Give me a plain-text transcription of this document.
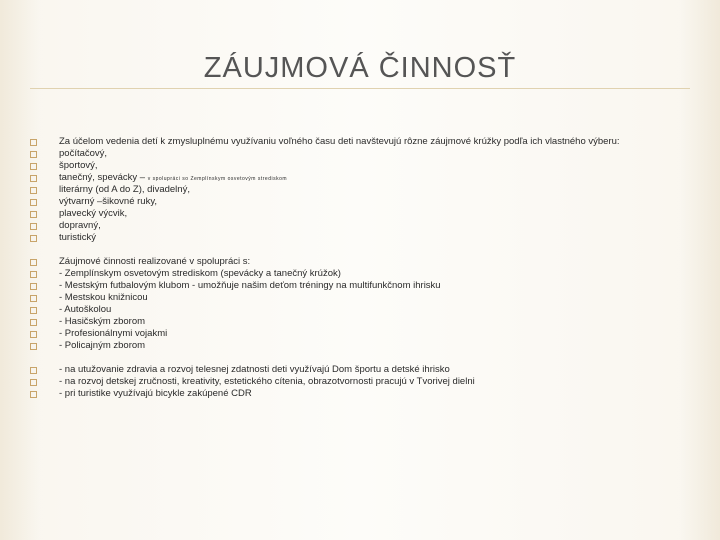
ZÁUJMOVÁ ČINNOSŤ
Za účelom vedenia detí k zmysluplnému využívaniu voľného času deti navštevujú rôzne záujmové krúžky podľa ich vlastného výberu:
počítačový,
športový,
tanečný, spevácky – v spolupráci so Zemplínskym osvetovým strediskom
literárny (od A do Z), divadelný,
výtvarný –šikovné ruky,
plavecký výcvik,
dopravný,
turistický
Záujmové činnosti realizované v spolupráci s:
- Zemplínskym osvetovým strediskom (spevácky a tanečný krúžok)
- Mestským futbalovým klubom - umožňuje našim deťom tréningy na multifunkčnom ihrisku
- Mestskou knižnicou
- Autoškolou
- Hasičským zborom
- Profesionálnymi vojakmi
- Policajným zborom
- na utužovanie zdravia a rozvoj telesnej zdatnosti deti využívajú Dom športu a detské ihrisko
- na rozvoj detskej zručnosti, kreativity, estetického cítenia, obrazotvornosti pracujú v Tvorivej dielni
- pri turistike využívajú bicykle zakúpené CDR
